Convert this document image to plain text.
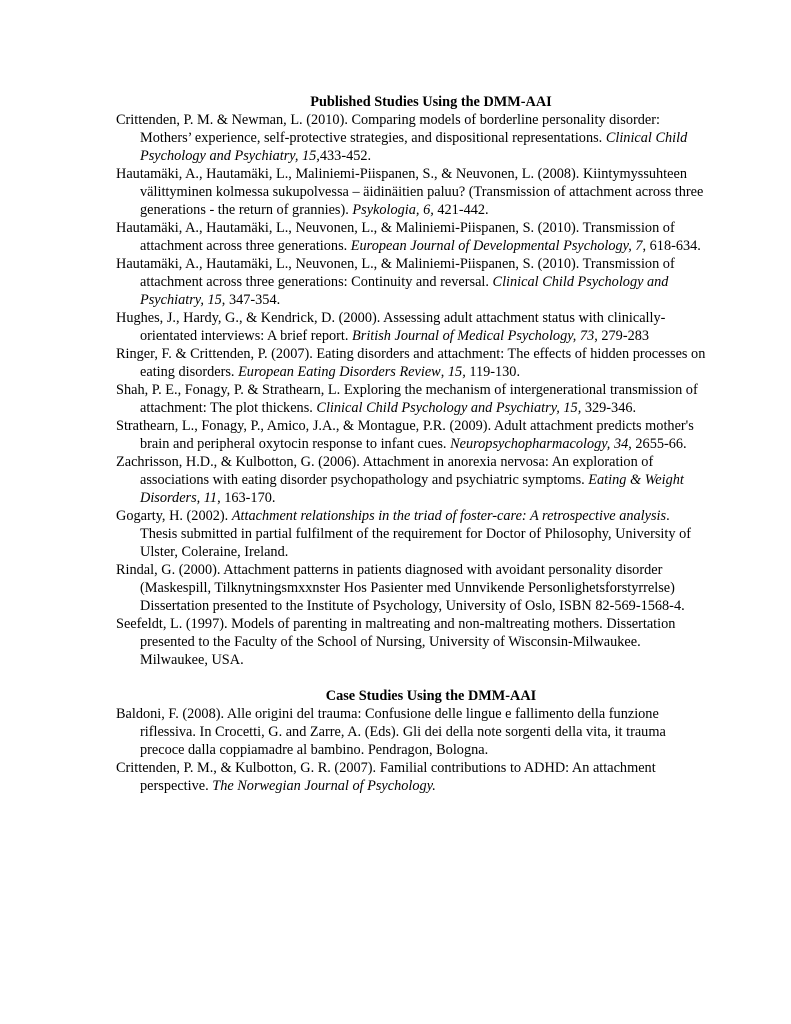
Published Studies Using the DMM-AAI

Crittenden, P. M. & Newman, L. (2010). Comparing models of borderline personality disorder: Mothers’ experience, self-protective strategies, and dispositional representations. Clinical Child Psychology and Psychiatry, 15,433-452.

Hautamäki, A., Hautamäki, L., Maliniemi-Piispanen, S., & Neuvonen, L. (2008). Kiintymyssuhteen välittyminen kolmessa sukupolvessa – äidinäitien paluu? (Transmission of attachment across three generations - the return of grannies). Psykologia, 6, 421-442.

Hautamäki, A., Hautamäki, L., Neuvonen, L., & Maliniemi-Piispanen, S. (2010). Transmission of attachment across three generations. European Journal of Developmental Psychology, 7, 618-634.

Hautamäki, A., Hautamäki, L., Neuvonen, L., & Maliniemi-Piispanen, S. (2010). Transmission of attachment across three generations: Continuity and reversal. Clinical Child Psychology and Psychiatry, 15, 347-354.

Hughes, J., Hardy, G., & Kendrick, D. (2000). Assessing adult attachment status with clinically-orientated interviews: A brief report. British Journal of Medical Psychology, 73, 279-283

Ringer, F. & Crittenden, P. (2007). Eating disorders and attachment: The effects of hidden processes on eating disorders. European Eating Disorders Review, 15, 119-130.

Shah, P. E., Fonagy, P. & Strathearn, L. Exploring the mechanism of intergenerational transmission of attachment: The plot thickens. Clinical Child Psychology and Psychiatry, 15, 329-346.

Strathearn, L., Fonagy, P., Amico, J.A., & Montague, P.R. (2009). Adult attachment predicts mother's brain and peripheral oxytocin response to infant cues. Neuropsychopharmacology, 34, 2655-66.

Zachrisson, H.D., & Kulbotton, G. (2006). Attachment in anorexia nervosa: An exploration of associations with eating disorder psychopathology and psychiatric symptoms. Eating & Weight Disorders, 11, 163-170.

Gogarty, H. (2002). Attachment relationships in the triad of foster-care: A retrospective analysis. Thesis submitted in partial fulfilment of the requirement for Doctor of Philosophy, University of Ulster, Coleraine, Ireland.

Rindal, G. (2000). Attachment patterns in patients diagnosed with avoidant personality disorder (Maskespill, Tilknytningsmxxnster Hos Pasienter med Unnvikende Personlighetsforstyrrelse) Dissertation presented to the Institute of Psychology, University of Oslo, ISBN 82-569-1568-4.

Seefeldt, L. (1997). Models of parenting in maltreating and non-maltreating mothers. Dissertation presented to the Faculty of the School of Nursing, University of Wisconsin-Milwaukee. Milwaukee, USA.

Case Studies Using the DMM-AAI

Baldoni, F. (2008). Alle origini del trauma: Confusione delle lingue e fallimento della funzione riflessiva. In Crocetti, G. and Zarre, A. (Eds). Gli dei della note sorgenti della vita, it trauma precoce dalla coppiamadre al bambino. Pendragon, Bologna.

Crittenden, P. M., & Kulbotton, G. R. (2007). Familial contributions to ADHD: An attachment perspective. The Norwegian Journal of Psychology.
